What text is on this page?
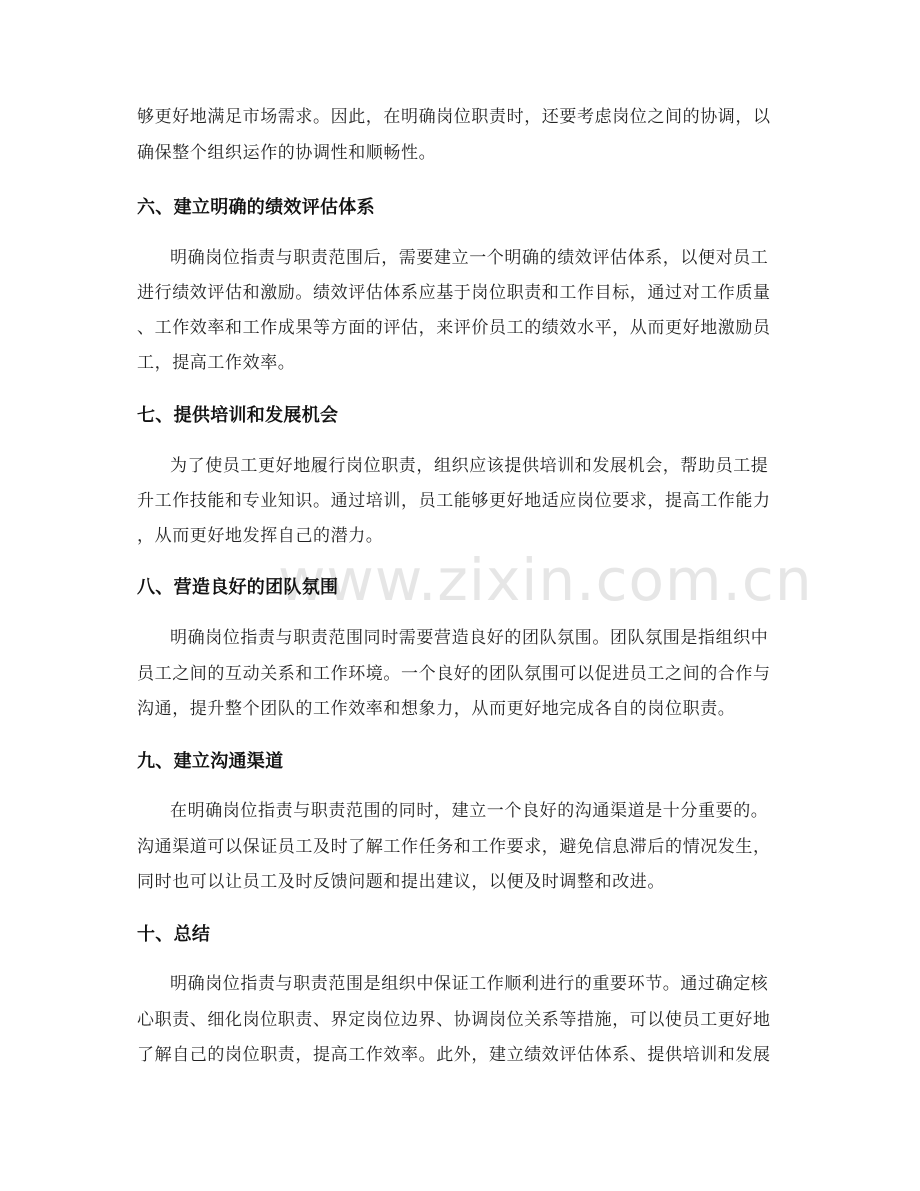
www.zixin.com.cn
够更好地满足市场需求。因此，在明确岗位职责时，还要考虑岗位之间的协调，以
确保整个组织运作的协调性和顺畅性。
六、建立明确的绩效评估体系
明确岗位指责与职责范围后，需要建立一个明确的绩效评估体系，以便对员工
进行绩效评估和激励。绩效评估体系应基于岗位职责和工作目标，通过对工作质量
、工作效率和工作成果等方面的评估，来评价员工的绩效水平，从而更好地激励员
工，提高工作效率。
七、提供培训和发展机会
为了使员工更好地履行岗位职责，组织应该提供培训和发展机会，帮助员工提
升工作技能和专业知识。通过培训，员工能够更好地适应岗位要求，提高工作能力
，从而更好地发挥自己的潜力。
八、营造良好的团队氛围
明确岗位指责与职责范围同时需要营造良好的团队氛围。团队氛围是指组织中
员工之间的互动关系和工作环境。一个良好的团队氛围可以促进员工之间的合作与
沟通，提升整个团队的工作效率和想象力，从而更好地完成各自的岗位职责。
九、建立沟通渠道
在明确岗位指责与职责范围的同时，建立一个良好的沟通渠道是十分重要的。
沟通渠道可以保证员工及时了解工作任务和工作要求，避免信息滞后的情况发生，
同时也可以让员工及时反馈问题和提出建议，以便及时调整和改进。
十、总结
明确岗位指责与职责范围是组织中保证工作顺利进行的重要环节。通过确定核
心职责、细化岗位职责、界定岗位边界、协调岗位关系等措施，可以使员工更好地
了解自己的岗位职责，提高工作效率。此外，建立绩效评估体系、提供培训和发展
